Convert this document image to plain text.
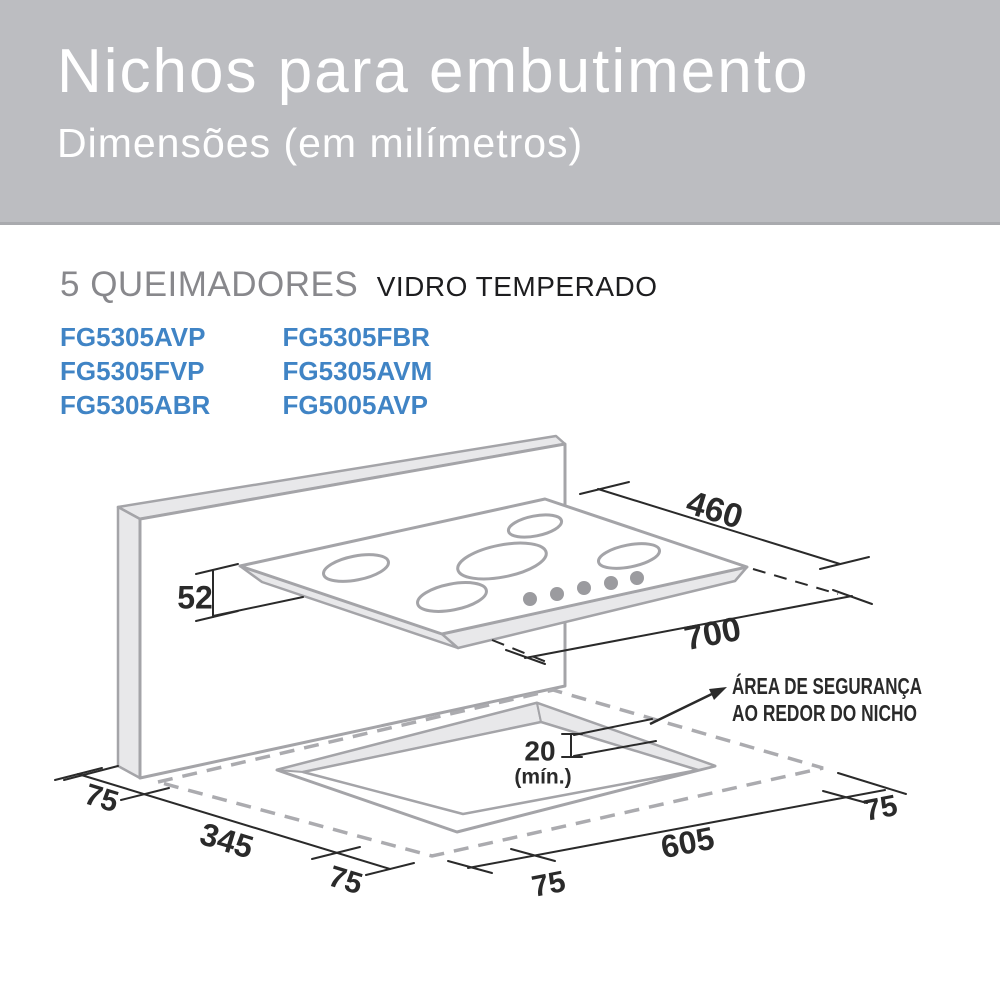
Nichos para embutimento
Dimensões (em milímetros)
5 QUEIMADORES VIDRO TEMPERADO
FG5305AVP
FG5305FVP
FG5305ABR

FG5305FBR
FG5305AVM
FG5005AVP
460
700
52
75
345
75	75
605
75
20
(mín.)
ÁREA DE SEGURANÇA
AO REDOR DO NICHO
